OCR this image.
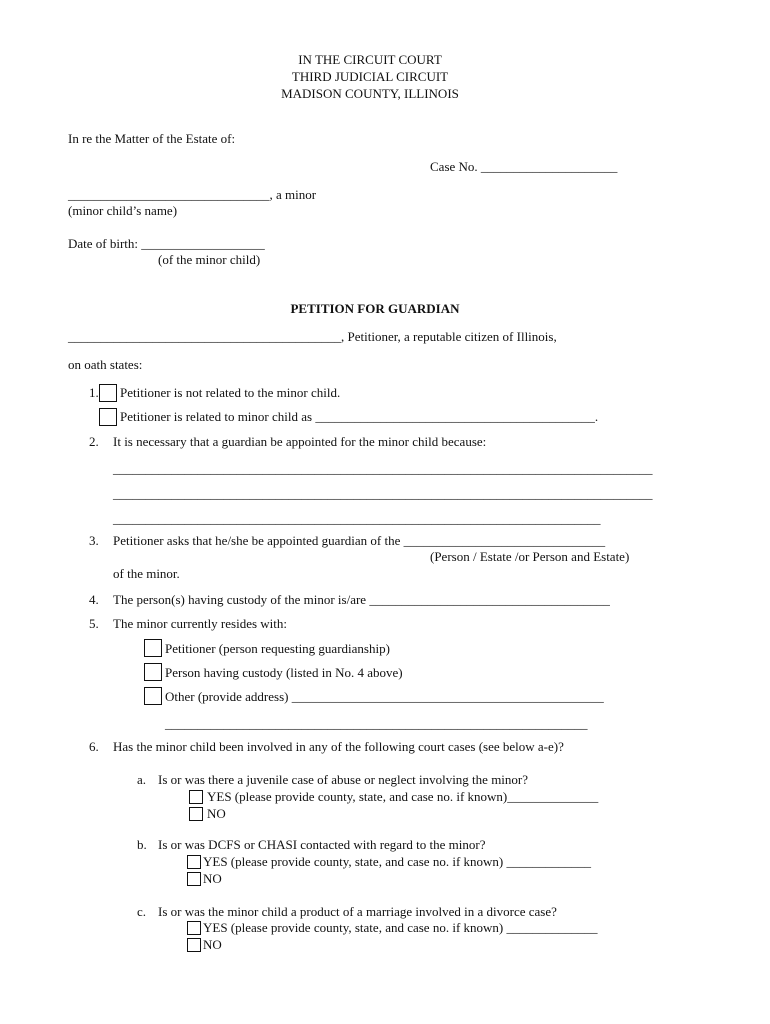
IN THE CIRCUIT COURT
THIRD JUDICIAL CIRCUIT
MADISON COUNTY, ILLINOIS
In re the Matter of the Estate of:
Case No. _____________________
_______________________________, a minor
(minor child’s name)
Date of birth: ___________________
(of the minor child)
PETITION FOR GUARDIAN
__________________________________________, Petitioner, a reputable citizen of Illinois,
on oath states:
1. Petitioner is not related to the minor child.
Petitioner is related to minor child as ___________________________________________.
2. It is necessary that a guardian be appointed for the minor child because:
___________________________________________________________________________________
___________________________________________________________________________________
___________________________________________________________________________
3. Petitioner asks that he/she be appointed guardian of the _______________________________
(Person / Estate /or Person and Estate)
of the minor.
4. The person(s) having custody of the minor is/are _____________________________________
5. The minor currently resides with:
Petitioner (person requesting guardianship)
Person having custody (listed in No. 4 above)
Other (provide address) ________________________________________________
_________________________________________________________________
6. Has the minor child been involved in any of the following court cases (see below a-e)?
a. Is or was there a juvenile case of abuse or neglect involving the minor?
YES (please provide county, state, and case no. if known)______________
NO
b. Is or was DCFS or CHASI contacted with regard to the minor?
YES (please provide county, state, and case no. if known) _____________
NO
c. Is or was the minor child a product of a marriage involved in a divorce case?
YES (please provide county, state, and case no. if known) ______________
NO
